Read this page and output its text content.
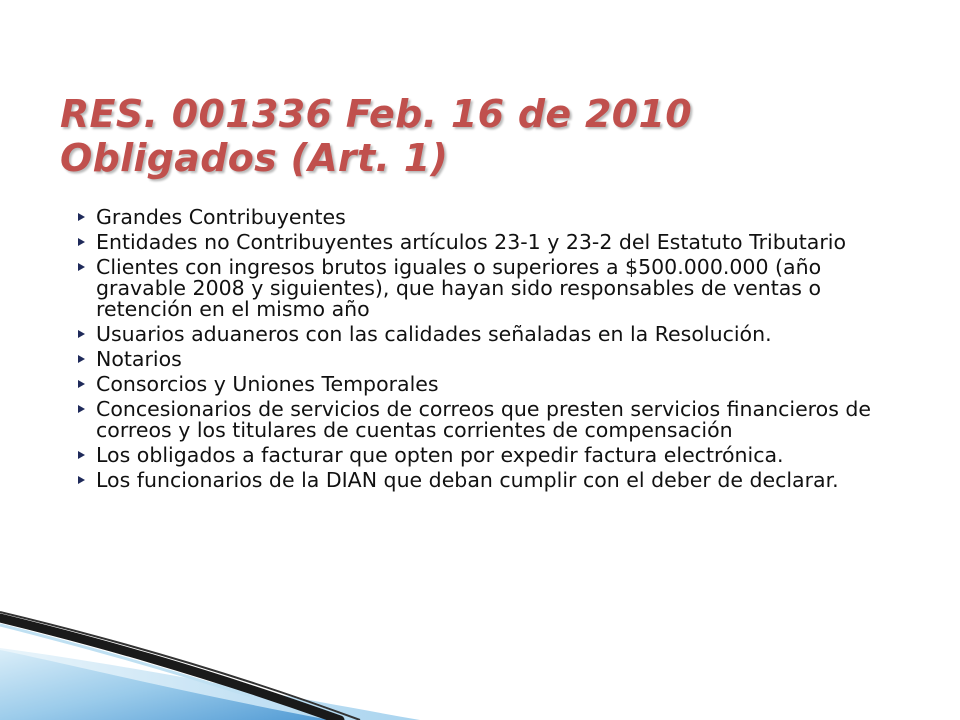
RES. 001336 Feb. 16 de 2010
Obligados (Art. 1)
Grandes Contribuyentes
Entidades no Contribuyentes artículos 23-1 y 23-2 del Estatuto Tributario
Clientes con ingresos brutos iguales o superiores a $500.000.000 (año gravable 2008 y siguientes), que hayan sido responsables de ventas o retención en el mismo año
Usuarios aduaneros con las calidades señaladas en la Resolución.
Notarios
Consorcios y Uniones Temporales
Concesionarios de servicios de correos que presten servicios financieros de correos y los titulares de cuentas corrientes de compensación
Los obligados a facturar que opten por expedir factura electrónica.
Los funcionarios de la DIAN que deban cumplir con el deber de declarar.
